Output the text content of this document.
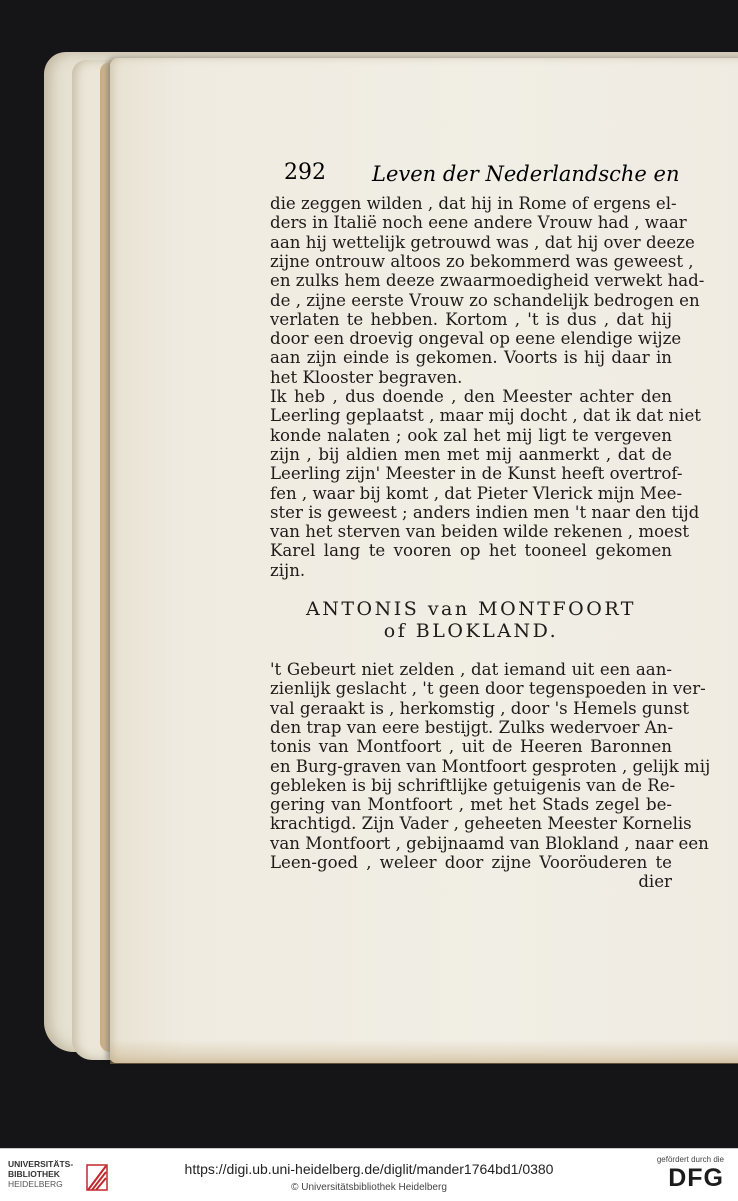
292 Leven der Nederlandsche en
die zeggen wilden , dat hij in Rome of ergens el-
ders in Italië noch eene andere Vrouw had , waar
aan hij wettelijk getrouwd was , dat hij over deeze
zijne ontrouw altoos zo bekommerd was geweest ,
en zulks hem deeze zwaarmoedigheid verwekt had-
de , zijne eerste Vrouw zo schandelijk bedrogen en
verlaten te hebben. Kortom , 't is dus , dat hij
door een droevig ongeval op eene elendige wijze
aan zijn einde is gekomen. Voorts is hij daar in
het Klooster begraven.
Ik heb , dus doende , den Meester achter den
Leerling geplaatst , maar mij docht , dat ik dat niet
konde nalaten ; ook zal het mij ligt te vergeven
zijn , bij aldien men met mij aanmerkt , dat de
Leerling zijn' Meester in de Kunst heeft overtrof-
fen , waar bij komt , dat Pieter Vlerick mijn Mee-
ster is geweest ; anders indien men 't naar den tijd
van het sterven van beiden wilde rekenen , moest
Karel lang te vooren op het tooneel gekomen
zijn.
ANTONIS van MONTFOORT
of BLOKLAND.
't Gebeurt niet zelden , dat iemand uit een aan-
zienlijk geslacht , 't geen door tegenspoeden in ver-
val geraakt is , herkomstig , door 's Hemels gunst
den trap van eere bestijgt. Zulks wedervoer An-
tonis van Montfoort , uit de Heeren Baronnen
en Burg-graven van Montfoort gesproten , gelijk mij
gebleken is bij schriftlijke getuigenis van de Re-
gering van Montfoort , met het Stads zegel be-
krachtigd. Zijn Vader , geheeten Meester Kornelis
van Montfoort , gebijnaamd van Blokland , naar een
Leen-goed , weleer door zijne Vooröuderen te
dier
UNIVERSITÄTS-
BIBLIOTHEK
HEIDELBERG
https://digi.ub.uni-heidelberg.de/diglit/mander1764bd1/0380
© Universitätsbibliothek Heidelberg
gefördert durch die
DFG
